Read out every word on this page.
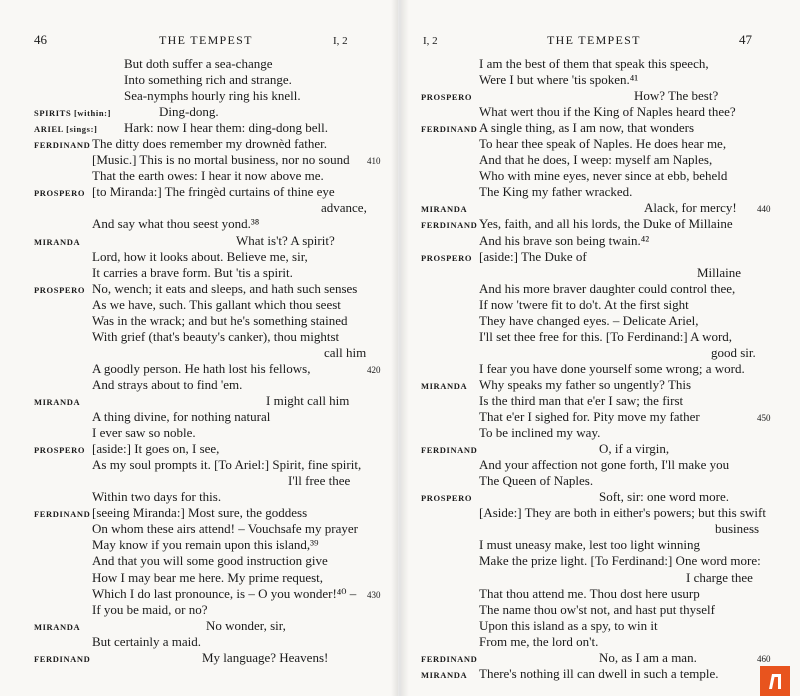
46	THE TEMPEST	I, 2
But doth suffer a sea-change
Into something rich and strange.
Sea-nymphs hourly ring his knell.
SPIRITS [within:]	Ding-dong.
ARIEL [sings:] Hark: now I hear them: ding-dong bell.
FERDINAND The ditty does remember my drownèd father.
[Music.] This is no mortal business, nor no sound 410
That the earth owes: I hear it now above me.
PROSPERO [to Miranda:] The fringèd curtains of thine eye
advance,
And say what thou seest yond.³⁸
MIRANDA	What is't? A spirit?
Lord, how it looks about. Believe me, sir,
It carries a brave form. But 'tis a spirit.
PROSPERO No, wench; it eats and sleeps, and hath such senses
As we have, such. This gallant which thou seest
Was in the wrack; and but he's something stained
With grief (that's beauty's canker), thou mightst
call him
A goodly person. He hath lost his fellows,	420
And strays about to find 'em.
MIRANDA	I might call him
A thing divine, for nothing natural
I ever saw so noble.
PROSPERO [aside:] It goes on, I see,
As my soul prompts it. [To Ariel:] Spirit, fine spirit,
I'll free thee
Within two days for this.
FERDINAND [seeing Miranda:] Most sure, the goddess
On whom these airs attend! – Vouchsafe my prayer
May know if you remain upon this island,³⁹
And that you will some good instruction give
How I may bear me here. My prime request,
Which I do last pronounce, is – O you wonder!⁴⁰ – 430
If you be maid, or no?
MIRANDA	No wonder, sir,
But certainly a maid.
FERDINAND	My language? Heavens!
I, 2	THE TEMPEST	47
I am the best of them that speak this speech,
Were I but where 'tis spoken.⁴¹
PROSPERO	How? The best?
What wert thou if the King of Naples heard thee?
FERDINAND A single thing, as I am now, that wonders
To hear thee speak of Naples. He does hear me,
And that he does, I weep: myself am Naples,
Who with mine eyes, never since at ebb, beheld
The King my father wracked.
MIRANDA	Alack, for mercy! 440
FERDINAND Yes, faith, and all his lords, the Duke of Millaine
And his brave son being twain.⁴²
PROSPERO [aside:] The Duke of
Millaine
And his more braver daughter could control thee,
If now 'twere fit to do't. At the first sight
They have changed eyes. – Delicate Ariel,
I'll set thee free for this. [To Ferdinand:] A word,
good sir.
I fear you have done yourself some wrong; a word.
MIRANDA Why speaks my father so ungently? This
Is the third man that e'er I saw; the first
That e'er I sighed for. Pity move my father	450
To be inclined my way.
FERDINAND	O, if a virgin,
And your affection not gone forth, I'll make you
The Queen of Naples.
PROSPERO	Soft, sir: one word more.
[Aside:] They are both in either's powers; but this swift
business
I must uneasy make, lest too light winning
Make the prize light. [To Ferdinand:] One word more:
I charge thee
That thou attend me. Thou dost here usurp
The name thou ow'st not, and hast put thyself
Upon this island as a spy, to win it
From me, the lord on't.
FERDINAND	No, as I am a man.	460
MIRANDA There's nothing ill can dwell in such a temple.
